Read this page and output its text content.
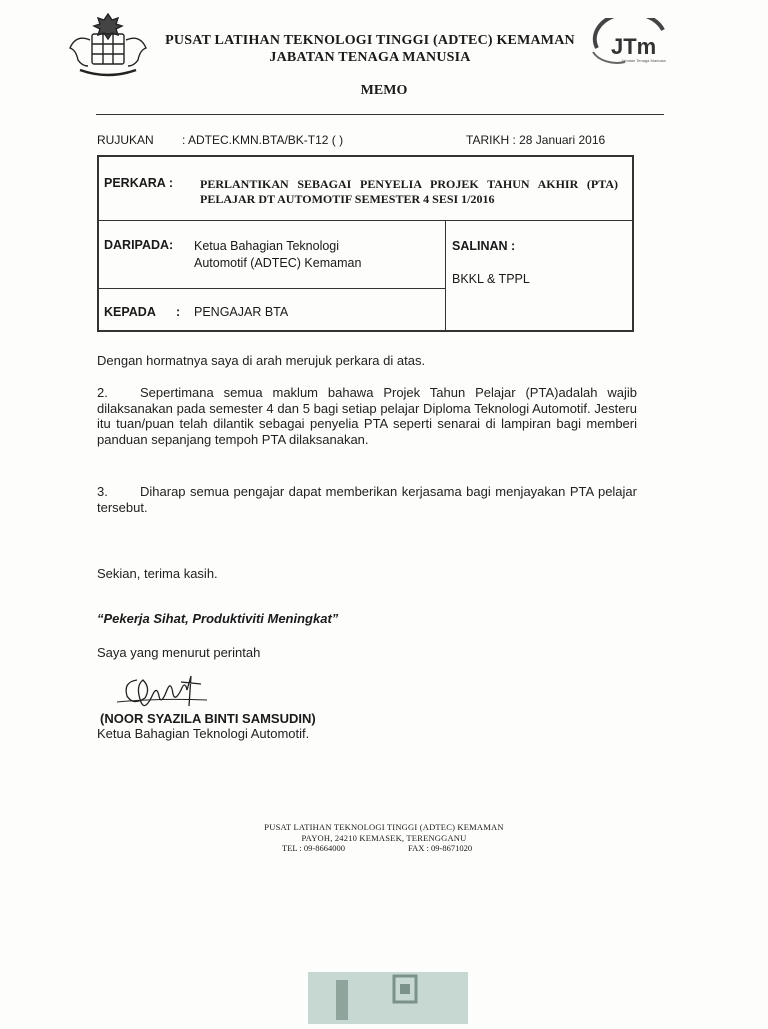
PUSAT LATIHAN TEKNOLOGI TINGGI (ADTEC) KEMAMAN
JABATAN TENAGA MANUSIA	JTm
Jabatan Tenaga Manusia
MEMO
RUJUKAN : ADTEC.KMN.BTA/BK-T12 ( )	TARIKH : 28 Januari 2016
PERKARA : PERLANTIKAN SEBAGAI PENYELIA PROJEK TAHUN AKHIR (PTA)
PELAJAR DT AUTOMOTIF SEMESTER 4 SESI 1/2016
DARIPADA: Ketua Bahagian Teknologi
Automotif (ADTEC) Kemaman
SALINAN :
BKKL & TPPL
KEPADA : PENGAJAR BTA
Dengan hormatnya saya di arah merujuk perkara di atas.
2. Sepertimana semua maklum bahawa Projek Tahun Pelajar (PTA)adalah wajib dilaksanakan pada semester 4 dan 5 bagi setiap pelajar Diploma Teknologi Automotif. Jesteru itu tuan/puan telah dilantik sebagai penyelia PTA seperti senarai di lampiran bagi memberi panduan sepanjang tempoh PTA dilaksanakan.
3. Diharap semua pengajar dapat memberikan kerjasama bagi menjayakan PTA pelajar tersebut.
Sekian, terima kasih.
“Pekerja Sihat, Produktiviti Meningkat”
Saya yang menurut perintah
(NOOR SYAZILA BINTI SAMSUDIN)
Ketua Bahagian Teknologi Automotif.
PUSAT LATIHAN TEKNOLOGI TINGGI (ADTEC) KEMAMAN
PAYOH, 24210 KEMASEK, TERENGGANU
TEL : 09-8664000	FAX : 09-8671020
